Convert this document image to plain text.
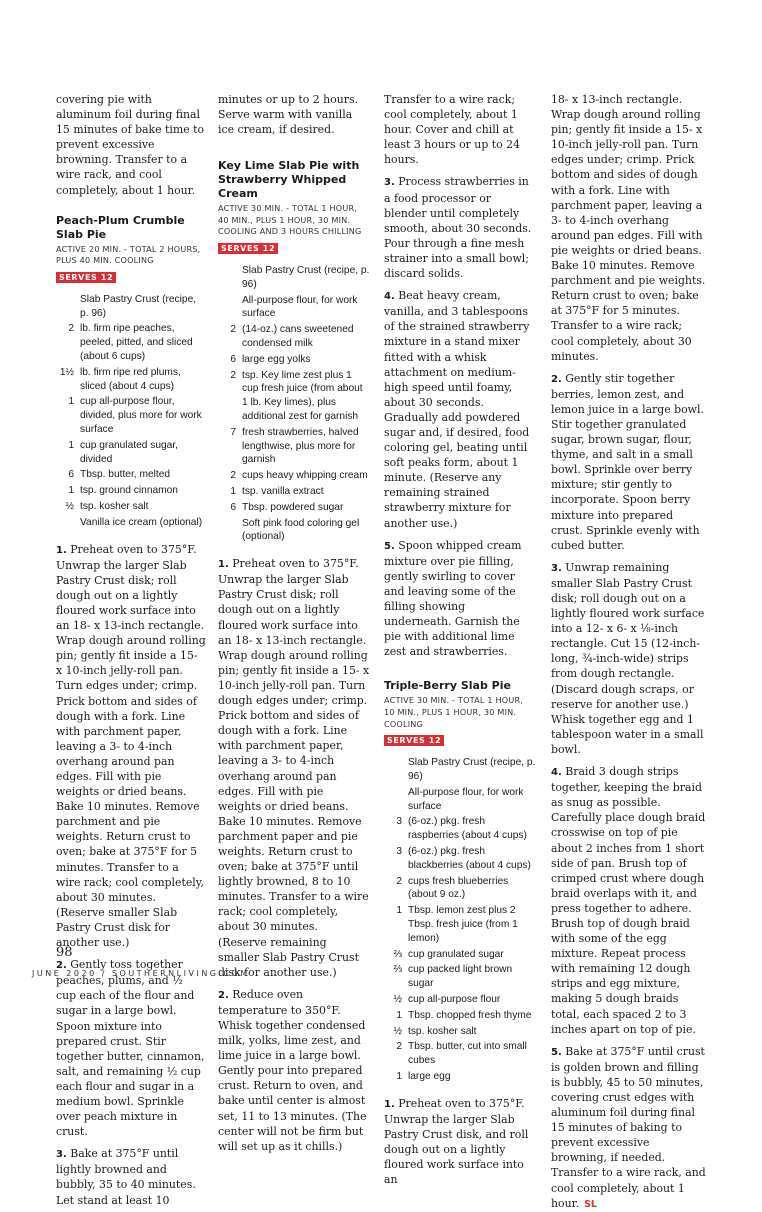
covering pie with aluminum foil during final 15 minutes of bake time to prevent excessive browning. Transfer to a wire rack, and cool completely, about 1 hour.

Peach-Plum Crumble Slab Pie
ACTIVE 20 MIN. - TOTAL 2 HOURS, PLUS 40 MIN. COOLING
SERVES 12
Slab Pastry Crust (recipe, p. 96)
2 lb. firm ripe peaches, peeled, pitted, and sliced (about 6 cups)
1½ lb. firm ripe red plums, sliced (about 4 cups)
1 cup all-purpose flour, divided, plus more for work surface
1 cup granulated sugar, divided
6 Tbsp. butter, melted
1 tsp. ground cinnamon
½ tsp. kosher salt
Vanilla ice cream (optional)

1. Preheat oven to 375°F. Unwrap the larger Slab Pastry Crust disk; roll dough out on a lightly floured work surface into an 18- x 13-inch rectangle. Wrap dough around rolling pin; gently fit inside a 15- x 10-inch jelly-roll pan. Turn edges under; crimp. Prick bottom and sides of dough with a fork. Line with parchment paper, leaving a 3- to 4-inch overhang around pan edges. Fill with pie weights or dried beans. Bake 10 minutes. Remove parchment and pie weights. Return crust to oven; bake at 375°F for 5 minutes. Transfer to a wire rack; cool completely, about 30 minutes. (Reserve smaller Slab Pastry Crust disk for another use.)

2. Gently toss together peaches, plums, and ½ cup each of the flour and sugar in a large bowl. Spoon mixture into prepared crust. Stir together butter, cinnamon, salt, and remaining ½ cup each flour and sugar in a medium bowl. Sprinkle over peach mixture in crust.

3. Bake at 375°F until lightly browned and bubbly, 35 to 40 minutes. Let stand at least 10

minutes or up to 2 hours. Serve warm with vanilla ice cream, if desired.

Key Lime Slab Pie with Strawberry Whipped Cream
ACTIVE 30 MIN. - TOTAL 1 HOUR, 40 MIN., PLUS 1 HOUR, 30 MIN. COOLING AND 3 HOURS CHILLING
SERVES 12
Slab Pastry Crust (recipe, p. 96)
All-purpose flour, for work surface
2 (14-oz.) cans sweetened condensed milk
6 large egg yolks
2 tsp. Key lime zest plus 1 cup fresh juice (from about 1 lb. Key limes), plus additional zest for garnish
7 fresh strawberries, halved lengthwise, plus more for garnish
2 cups heavy whipping cream
1 tsp. vanilla extract
6 Tbsp. powdered sugar
Soft pink food coloring gel (optional)

1. Preheat oven to 375°F. Unwrap the larger Slab Pastry Crust disk; roll dough out on a lightly floured work surface into an 18- x 13-inch rectangle. Wrap dough around rolling pin; gently fit inside a 15- x 10-inch jelly-roll pan. Turn dough edges under; crimp. Prick bottom and sides of dough with a fork. Line with parchment paper, leaving a 3- to 4-inch overhang around pan edges. Fill with pie weights or dried beans. Bake 10 minutes. Remove parchment paper and pie weights. Return crust to oven; bake at 375°F until lightly browned, 8 to 10 minutes. Transfer to a wire rack; cool completely, about 30 minutes. (Reserve remaining smaller Slab Pastry Crust disk for another use.)

2. Reduce oven temperature to 350°F. Whisk together condensed milk, yolks, lime zest, and lime juice in a large bowl. Gently pour into prepared crust. Return to oven, and bake until center is almost set, 11 to 13 minutes. (The center will not be firm but will set up as it chills.)

Transfer to a wire rack; cool completely, about 1 hour. Cover and chill at least 3 hours or up to 24 hours.

3. Process strawberries in a food processor or blender until completely smooth, about 30 seconds. Pour through a fine mesh strainer into a small bowl; discard solids.

4. Beat heavy cream, vanilla, and 3 tablespoons of the strained strawberry mixture in a stand mixer fitted with a whisk attachment on medium-high speed until foamy, about 30 seconds. Gradually add powdered sugar and, if desired, food coloring gel, beating until soft peaks form, about 1 minute. (Reserve any remaining strained strawberry mixture for another use.)

5. Spoon whipped cream mixture over pie filling, gently swirling to cover and leaving some of the filling showing underneath. Garnish the pie with additional lime zest and strawberries.

Triple-Berry Slab Pie
ACTIVE 30 MIN. - TOTAL 1 HOUR, 10 MIN., PLUS 1 HOUR, 30 MIN. COOLING
SERVES 12
Slab Pastry Crust (recipe, p. 96)
All-purpose flour, for work surface
3 (6-oz.) pkg. fresh raspberries (about 4 cups)
3 (6-oz.) pkg. fresh blackberries (about 4 cups)
2 cups fresh blueberries (about 9 oz.)
1 Tbsp. lemon zest plus 2 Tbsp. fresh juice (from 1 lemon)
⅔ cup granulated sugar
⅔ cup packed light brown sugar
½ cup all-purpose flour
1 Tbsp. chopped fresh thyme
½ tsp. kosher salt
2 Tbsp. butter, cut into small cubes
1 large egg

1. Preheat oven to 375°F. Unwrap the larger Slab Pastry Crust disk, and roll dough out on a lightly floured work surface into an

18- x 13-inch rectangle. Wrap dough around rolling pin; gently fit inside a 15- x 10-inch jelly-roll pan. Turn edges under; crimp. Prick bottom and sides of dough with a fork. Line with parchment paper, leaving a 3- to 4-inch overhang around pan edges. Fill with pie weights or dried beans. Bake 10 minutes. Remove parchment and pie weights. Return crust to oven; bake at 375°F for 5 minutes. Transfer to a wire rack; cool completely, about 30 minutes.

2. Gently stir together berries, lemon zest, and lemon juice in a large bowl. Stir together granulated sugar, brown sugar, flour, thyme, and salt in a small bowl. Sprinkle over berry mixture; stir gently to incorporate. Spoon berry mixture into prepared crust. Sprinkle evenly with cubed butter.

3. Unwrap remaining smaller Slab Pastry Crust disk; roll dough out on a lightly floured work surface into a 12- x 6- x ⅛-inch rectangle. Cut 15 (12-inch-long, ¾-inch-wide) strips from dough rectangle. (Discard dough scraps, or reserve for another use.) Whisk together egg and 1 tablespoon water in a small bowl.

4. Braid 3 dough strips together, keeping the braid as snug as possible. Carefully place dough braid crosswise on top of pie about 2 inches from 1 short side of pan. Brush top of crimped crust where dough braid overlaps with it, and press together to adhere. Brush top of dough braid with some of the egg mixture. Repeat process with remaining 12 dough strips and egg mixture, making 5 dough braids total, each spaced 2 to 3 inches apart on top of pie.

5. Bake at 375°F until crust is golden brown and filling is bubbly, 45 to 50 minutes, covering crust edges with aluminum foil during final 15 minutes of baking to prevent excessive browning, if needed. Transfer to a wire rack, and cool completely, about 1 hour. SL

98
JUNE 2020 / SOUTHERNLIVING.COM
